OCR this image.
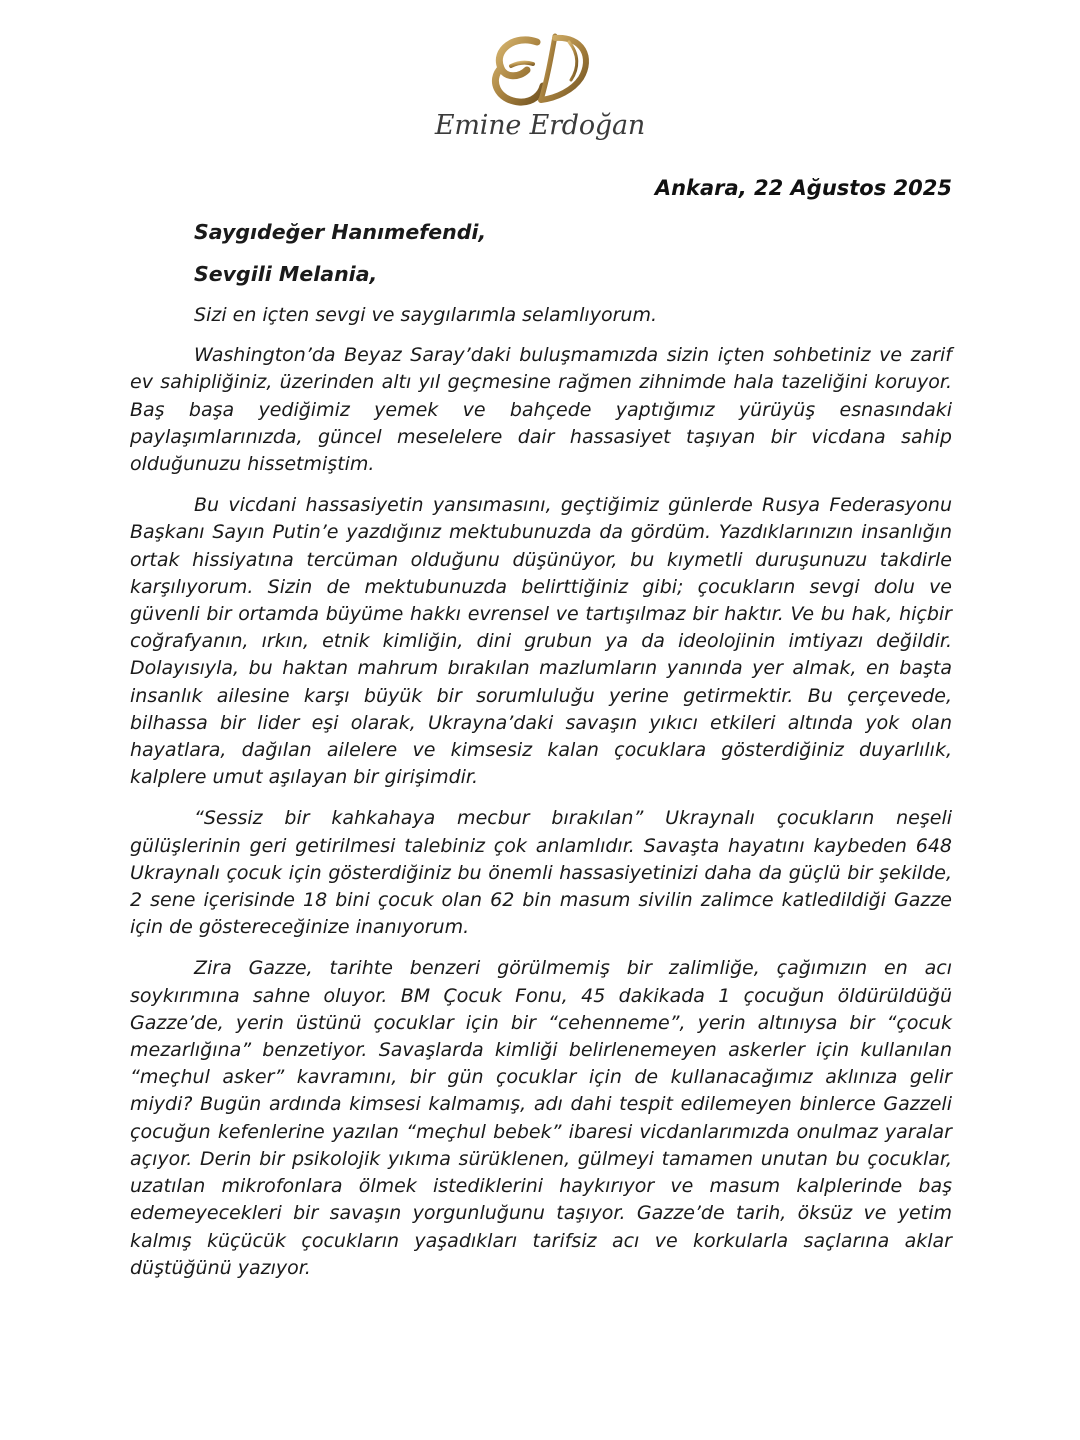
Emine Erdoğan
Ankara, 22 Ağustos 2025
Saygıdeğer Hanımefendi,
Sevgili Melania,
Sizi en içten sevgi ve saygılarımla selamlıyorum.

Washington’da Beyaz Saray’daki buluşmamızda sizin içten sohbetiniz ve zarif ev sahipliğiniz, üzerinden altı yıl geçmesine rağmen zihnimde hala tazeliğini koruyor. Baş başa yediğimiz yemek ve bahçede yaptığımız yürüyüş esnasındaki paylaşımlarınızda, güncel meselelere dair hassasiyet taşıyan bir vicdana sahip olduğunuzu hissetmiştim.

Bu vicdani hassasiyetin yansımasını, geçtiğimiz günlerde Rusya Federasyonu Başkanı Sayın Putin’e yazdığınız mektubunuzda da gördüm. Yazdıklarınızın insanlığın ortak hissiyatına tercüman olduğunu düşünüyor, bu kıymetli duruşunuzu takdirle karşılıyorum. Sizin de mektubunuzda belirttiğiniz gibi; çocukların sevgi dolu ve güvenli bir ortamda büyüme hakkı evrensel ve tartışılmaz bir haktır. Ve bu hak, hiçbir coğrafyanın, ırkın, etnik kimliğin, dini grubun ya da ideolojinin imtiyazı değildir. Dolayısıyla, bu haktan mahrum bırakılan mazlumların yanında yer almak, en başta insanlık ailesine karşı büyük bir sorumluluğu yerine getirmektir. Bu çerçevede, bilhassa bir lider eşi olarak, Ukrayna’daki savaşın yıkıcı etkileri altında yok olan hayatlara, dağılan ailelere ve kimsesiz kalan çocuklara gösterdiğiniz duyarlılık, kalplere umut aşılayan bir girişimdir.

“Sessiz bir kahkahaya mecbur bırakılan” Ukraynalı çocukların neşeli gülüşlerinin geri getirilmesi talebiniz çok anlamlıdır. Savaşta hayatını kaybeden 648 Ukraynalı çocuk için gösterdiğiniz bu önemli hassasiyetinizi daha da güçlü bir şekilde, 2 sene içerisinde 18 bini çocuk olan 62 bin masum sivilin zalimce katledildiği Gazze için de göstereceğinize inanıyorum.

Zira Gazze, tarihte benzeri görülmemiş bir zalimliğe, çağımızın en acı soykırımına sahne oluyor. BM Çocuk Fonu, 45 dakikada 1 çocuğun öldürüldüğü Gazze’de, yerin üstünü çocuklar için bir “cehenneme”, yerin altınıysa bir “çocuk mezarlığına” benzetiyor. Savaşlarda kimliği belirlenemeyen askerler için kullanılan “meçhul asker” kavramını, bir gün çocuklar için de kullanacağımız aklınıza gelir miydi? Bugün ardında kimsesi kalmamış, adı dahi tespit edilemeyen binlerce Gazzeli çocuğun kefenlerine yazılan “meçhul bebek” ibaresi vicdanlarımızda onulmaz yaralar açıyor. Derin bir psikolojik yıkıma sürüklenen, gülmeyi tamamen unutan bu çocuklar, uzatılan mikrofonlara ölmek istediklerini haykırıyor ve masum kalplerinde baş edemeyecekleri bir savaşın yorgunluğunu taşıyor. Gazze’de tarih, öksüz ve yetim kalmış küçücük çocukların yaşadıkları tarifsiz acı ve korkularla saçlarına aklar düştüğünü yazıyor.
